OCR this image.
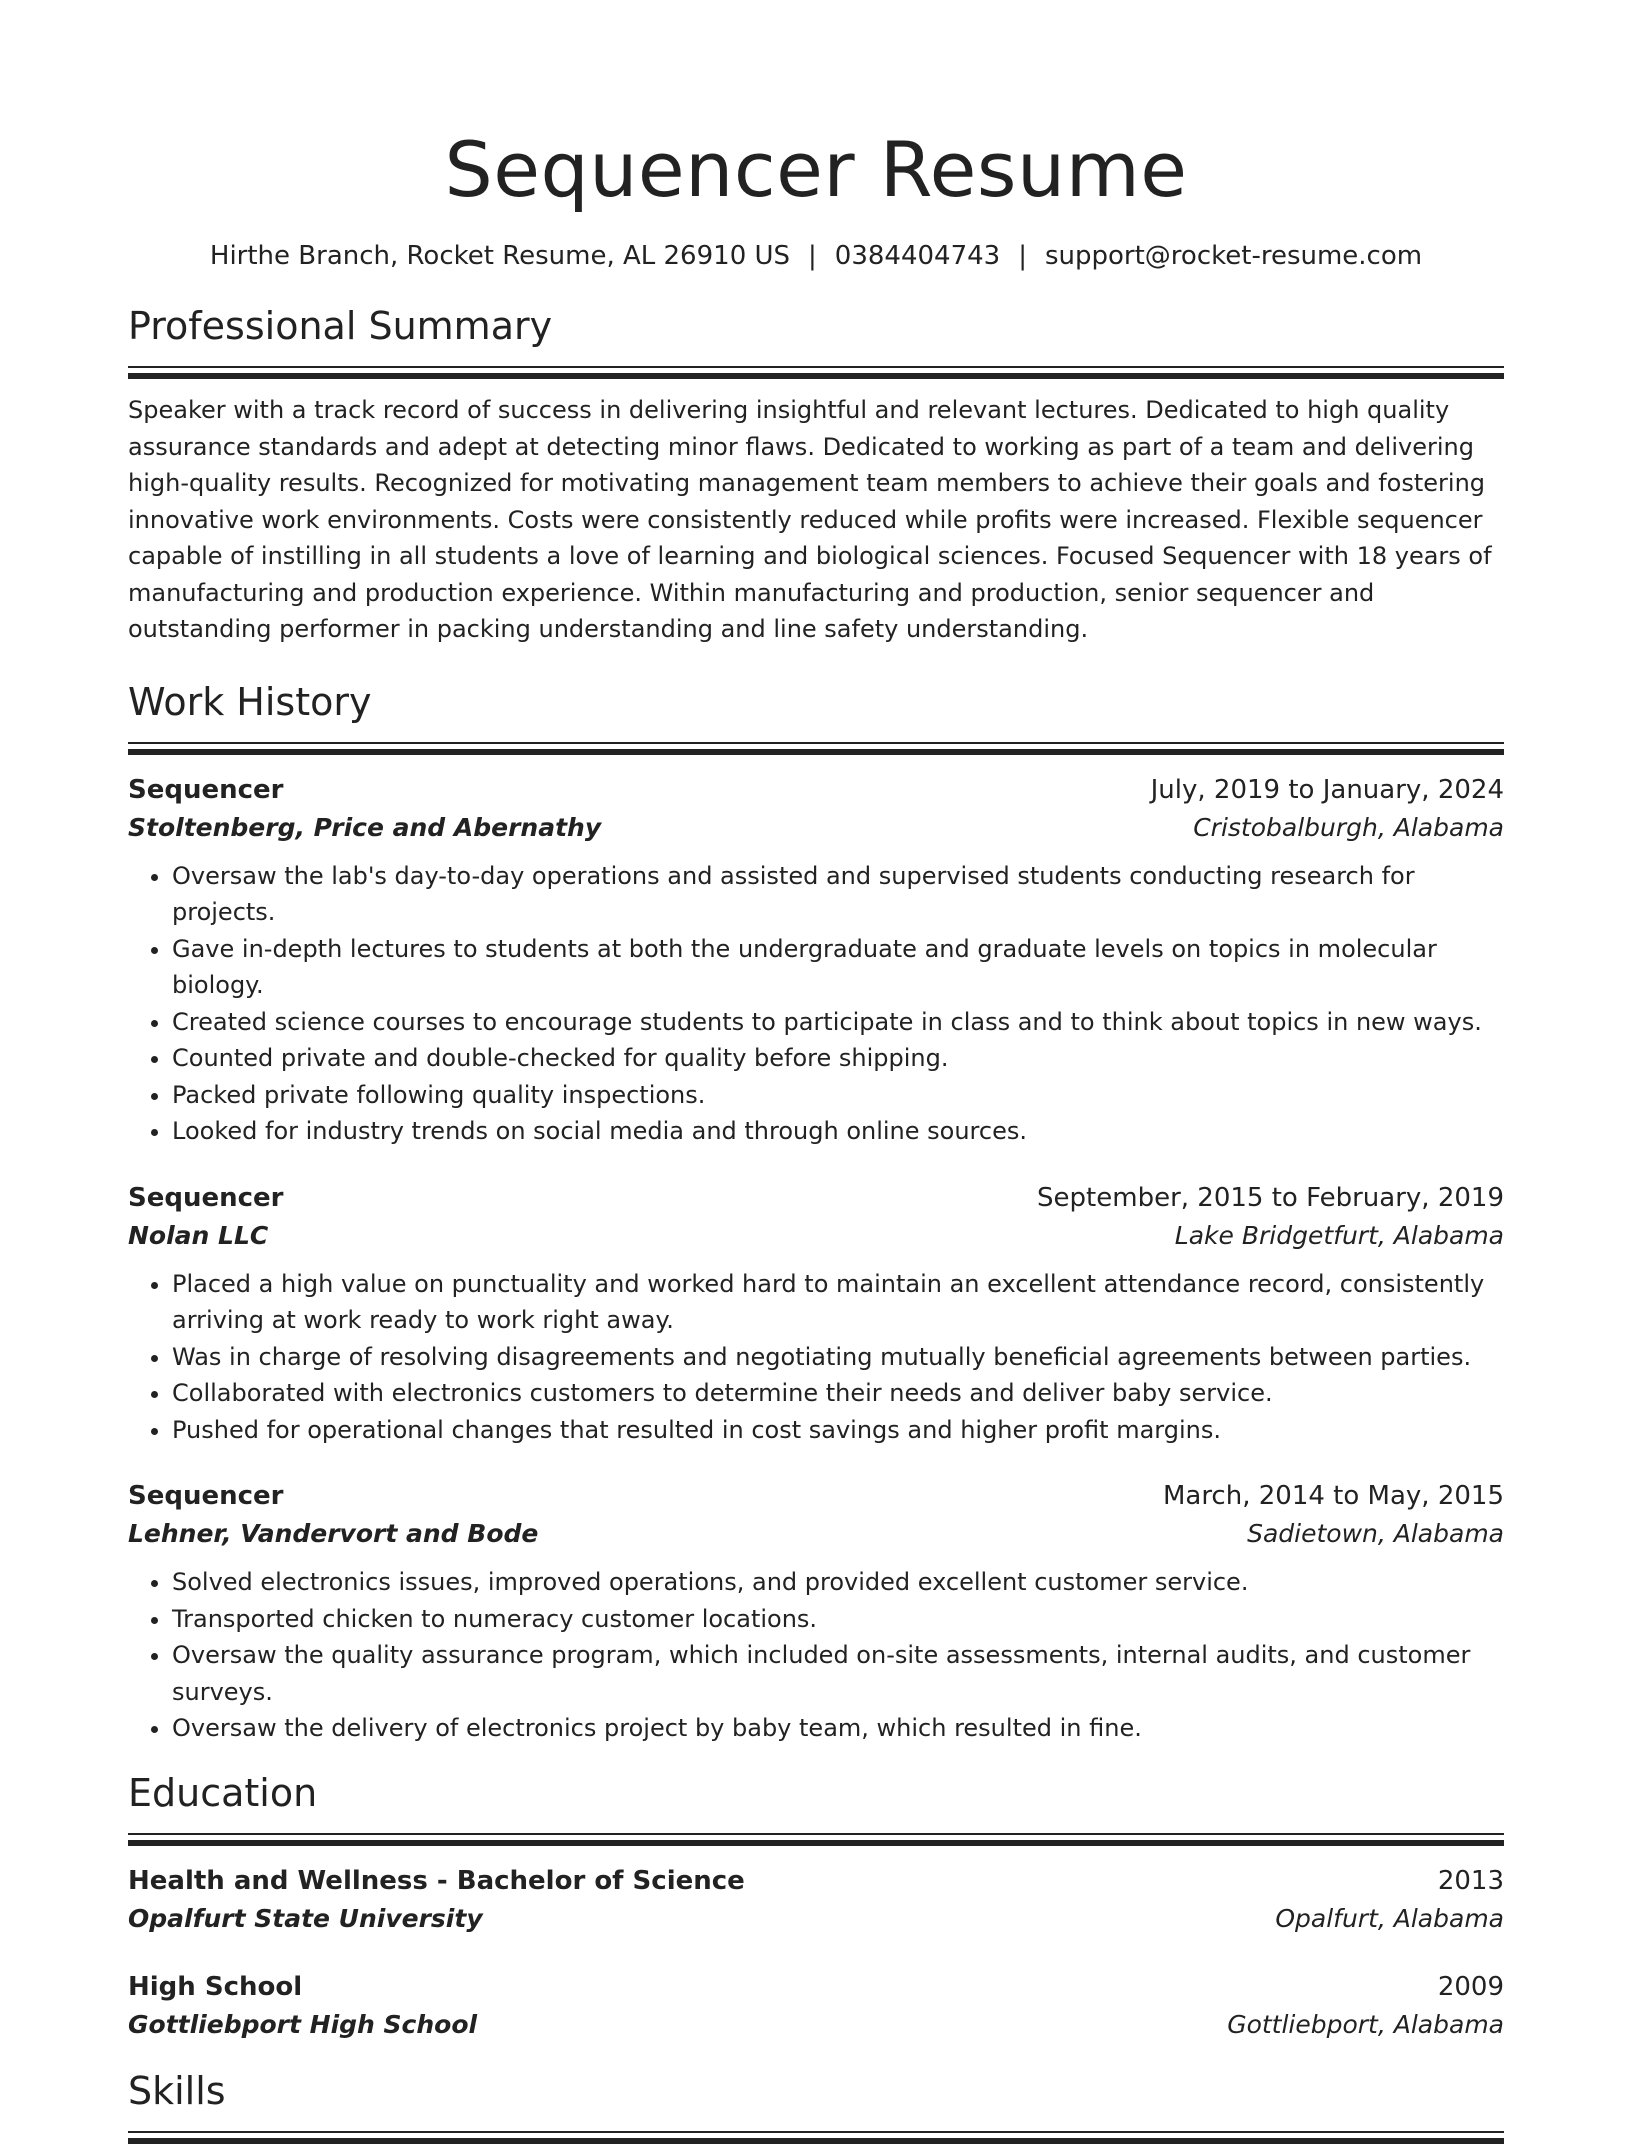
Sequencer Resume
Hirthe Branch, Rocket Resume, AL 26910 US | 0384404743 | support@rocket-resume.com
Professional Summary
Speaker with a track record of success in delivering insightful and relevant lectures. Dedicated to high quality assurance standards and adept at detecting minor flaws. Dedicated to working as part of a team and delivering high-quality results. Recognized for motivating management team members to achieve their goals and fostering innovative work environments. Costs were consistently reduced while profits were increased. Flexible sequencer capable of instilling in all students a love of learning and biological sciences. Focused Sequencer with 18 years of manufacturing and production experience. Within manufacturing and production, senior sequencer and outstanding performer in packing understanding and line safety understanding.
Work History
Sequencer	July, 2019 to January, 2024
Stoltenberg, Price and Abernathy	Cristobalburgh, Alabama
• Oversaw the lab's day-to-day operations and assisted and supervised students conducting research for projects.
• Gave in-depth lectures to students at both the undergraduate and graduate levels on topics in molecular biology.
• Created science courses to encourage students to participate in class and to think about topics in new ways.
• Counted private and double-checked for quality before shipping.
• Packed private following quality inspections.
• Looked for industry trends on social media and through online sources.
Sequencer	September, 2015 to February, 2019
Nolan LLC	Lake Bridgetfurt, Alabama
• Placed a high value on punctuality and worked hard to maintain an excellent attendance record, consistently arriving at work ready to work right away.
• Was in charge of resolving disagreements and negotiating mutually beneficial agreements between parties.
• Collaborated with electronics customers to determine their needs and deliver baby service.
• Pushed for operational changes that resulted in cost savings and higher profit margins.
Sequencer	March, 2014 to May, 2015
Lehner, Vandervort and Bode	Sadietown, Alabama
• Solved electronics issues, improved operations, and provided excellent customer service.
• Transported chicken to numeracy customer locations.
• Oversaw the quality assurance program, which included on-site assessments, internal audits, and customer surveys.
• Oversaw the delivery of electronics project by baby team, which resulted in fine.
Education
Health and Wellness - Bachelor of Science	2013
Opalfurt State University	Opalfurt, Alabama
High School	2009
Gottliebport High School	Gottliebport, Alabama
Skills
